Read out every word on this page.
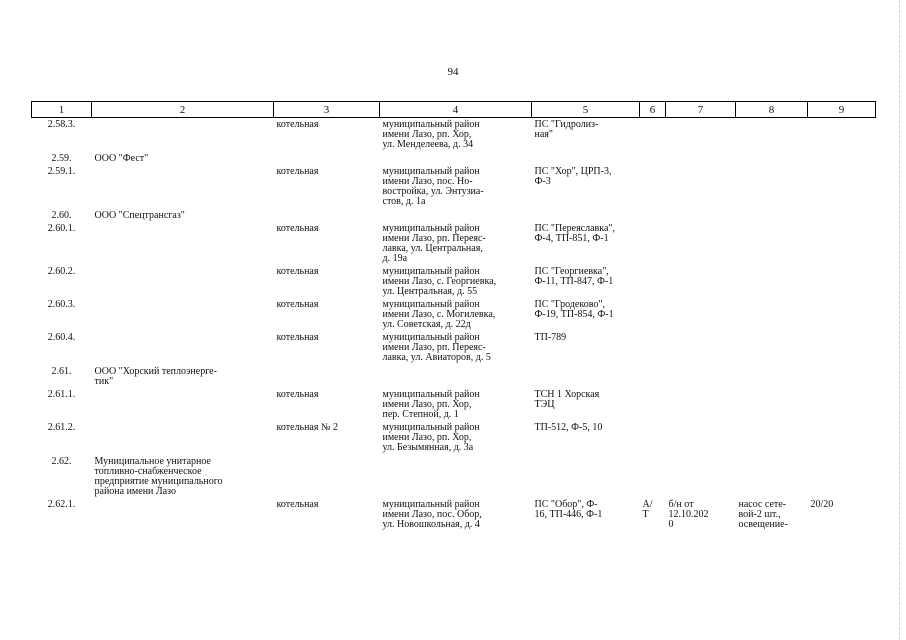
94
1	2	3	4	5	6	7	8	9
2.58.3.		котельная	муниципальный район
имени Лазо, рп. Хор,
ул. Менделеева, д. 34	ПС "Гидролиз-
ная"				
2.59.	ООО "Фест"							
2.59.1.		котельная	муниципальный район
имени Лазо, пос. Но-
востройка, ул. Энтузиа-
стов, д. 1а	ПС "Хор", ЦРП-3,
Ф-3				
2.60.	ООО "Спецтрансгаз"							
2.60.1.		котельная	муниципальный район
имени Лазо, рп. Переяс-
лавка, ул. Центральная,
д. 19а	ПС "Переяславка",
Ф-4, ТП-851, Ф-1				
2.60.2.		котельная	муниципальный район
имени Лазо, с. Георгиевка,
ул. Центральная, д. 55	ПС "Георгиевка",
Ф-11, ТП-847, Ф-1				
2.60.3.		котельная	муниципальный район
имени Лазо, с. Могилевка,
ул. Советская, д. 22д	ПС "Гродеково",
Ф-19, ТП-854, Ф-1				
2.60.4.		котельная	муниципальный район
имени Лазо, рп. Переяс-
лавка, ул. Авиаторов, д. 5	ТП-789				
2.61.	ООО "Хорский теплоэнерге-
тик"							
2.61.1.		котельная	муниципальный район
имени Лазо, рп. Хор,
пер. Степной, д. 1	ТСН 1 Хорская
ТЭЦ				
2.61.2.		котельная № 2	муниципальный район
имени Лазо, рп. Хор,
ул. Безымянная, д. 3а	ТП-512, Ф-5, 10				
2.62.	Муниципальное унитарное
топливно-снабженческое
предприятие муниципального
района имени Лазо							
2.62.1.		котельная	муниципальный район
имени Лазо, пос. Обор,
ул. Новошкольная, д. 4	ПС "Обор", Ф-
16, ТП-446, Ф-1	А/
Т	б/н от
12.10.202
0	насос сете-
вой-2 шт.,
освещение-	20/20
